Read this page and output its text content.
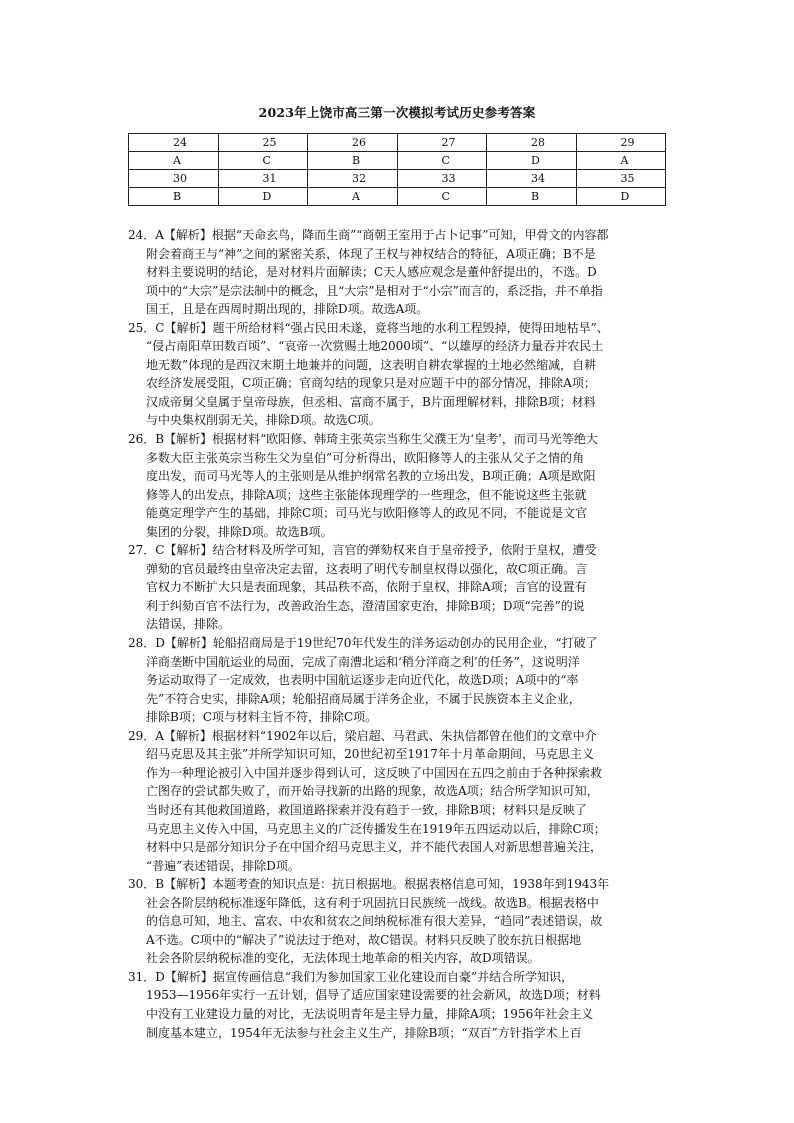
2023年上饶市高三第一次模拟考试历史参考答案
24	25	26	27	28	29
A	C	B	C	D	A
30	31	32	33	34	35
B	D	A	C	B	D

24．A【解析】根据“天命玄鸟，降而生商”“商朝王室用于占卜记事”可知，甲骨文的内容都
附会着商王与“神”之间的紧密关系，体现了王权与神权结合的特征，A项正确；B不是
材料主要说明的结论，是对材料片面解读；C天人感应观念是董仲舒提出的，不选。D
项中的“大宗”是宗法制中的概念，且“大宗”是相对于“小宗”而言的，系泛指，并不单指
国王，且是在西周时期出现的，排除D项。故选A项。

25．C【解析】题干所给材料“强占民田未遂，竟将当地的水利工程毁掉，使得田地枯旱”、
“侵占南阳草田数百顷”、“哀帝一次赏赐土地2000顷”、“以雄厚的经济力量吞并农民土
地无数”体现的是西汉末期土地兼并的问题，这表明自耕农掌握的土地必然缩减，自耕
农经济发展受阻，C项正确；官商勾结的现象只是对应题干中的部分情况，排除A项；
汉成帝舅父皇属于皇帝母族，但丞相、富商不属于，B片面理解材料，排除B项；材料
与中央集权削弱无关，排除D项。故选C项。

26．B【解析】根据材料“欧阳修、韩琦主张英宗当称生父濮王为‘皇考’，而司马光等绝大
多数大臣主张英宗当称生父为皇伯”可分析得出，欧阳修等人的主张从父子之情的角
度出发，而司马光等人的主张则是从维护纲常名教的立场出发，B项正确；A项是欧阳
修等人的出发点，排除A项；这些主张能体现理学的一些理念，但不能说这些主张就
能奠定理学产生的基础，排除C项；司马光与欧阳修等人的政见不同，不能说是文官
集团的分裂，排除D项。故选B项。

27．C【解析】结合材料及所学可知，言官的弹劾权来自于皇帝授予，依附于皇权，遭受
弹劾的官员最终由皇帝决定去留，这表明了明代专制皇权得以强化，故C项正确。言
官权力不断扩大只是表面现象，其品秩不高，依附于皇权，排除A项；言官的设置有
利于纠劾百官不法行为，改善政治生态，澄清国家吏治，排除B项；D项“完善”的说
法错误，排除。

28．D【解析】轮船招商局是于19世纪70年代发生的洋务运动创办的民用企业，“打破了
洋商垄断中国航运业的局面，完成了南漕北运和‘稍分洋商之利’的任务”，这说明洋
务运动取得了一定成效，也表明中国航运逐步走向近代化，故选D项；A项中的“率
先”不符合史实，排除A项；轮船招商局属于洋务企业，不属于民族资本主义企业，
排除B项；C项与材料主旨不符，排除C项。

29．A【解析】根据材料“1902年以后，梁启超、马君武、朱执信都曾在他们的文章中介
绍马克思及其主张”并所学知识可知，20世纪初至1917年十月革命期间，马克思主义
作为一种理论被引入中国并逐步得到认可，这反映了中国因在五四之前由于各种探索救
亡图存的尝试都失败了，而开始寻找新的出路的现象，故选A项；结合所学知识可知，
当时还有其他救国道路，救国道路探索并没有趋于一致，排除B项；材料只是反映了
马克思主义传入中国，马克思主义的广泛传播发生在1919年五四运动以后，排除C项；
材料中只是部分知识分子在中国介绍马克思主义，并不能代表国人对新思想普遍关注，
“普遍”表述错误，排除D项。

30．B【解析】本题考查的知识点是：抗日根据地。根据表格信息可知，1938年到1943年
社会各阶层纳税标准逐年降低，这有利于巩固抗日民族统一战线。故选B。根据表格中
的信息可知，地主、富农、中农和贫农之间纳税标准有很大差异，“趋同”表述错误，故
A不选。C项中的“解决了”说法过于绝对，故C错误。材料只反映了胶东抗日根据地
社会各阶层纳税标准的变化，无法体现土地革命的相关内容，故D项错误。

31．D【解析】据宣传画信息“我们为参加国家工业化建设而自豪”并结合所学知识，
1953—1956年实行一五计划，倡导了适应国家建设需要的社会新风，故选D项；材料
中没有工业建设力量的对比，无法说明青年是主导力量，排除A项；1956年社会主义
制度基本建立，1954年无法参与社会主义生产，排除B项；“双百”方针指学术上百
